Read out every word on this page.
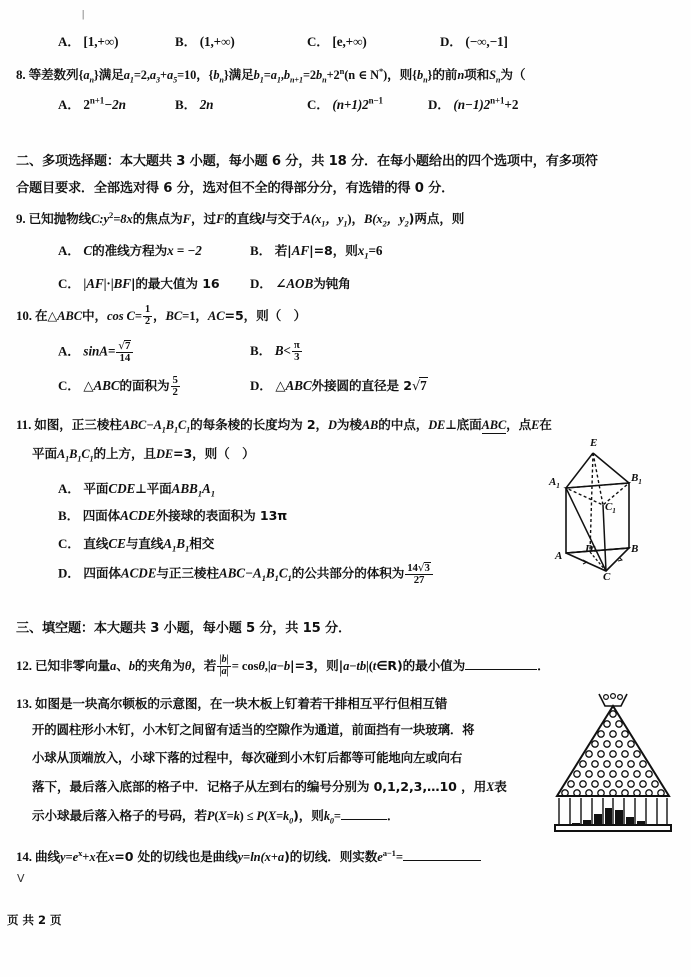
|
A． [1,+∞)	B． (1,+∞)	C． [e,+∞)	D． (−∞,−1]
8. 等差数列$\{a_n\}$满足$a_1=2,a_3+a_5=10$，$\{b_n\}$满足$b_1=a_1,b_{n+1}=2b_n+2^n(n$ ∈ N*)，则$\{b_n\}$的前n项和$S_n$为（
A． $2^{n+1}-2n$	B． 2n	C． $(n+1)2^{n-1}$	D． $(n-1)2^{n+1}+2$
二、多项选择题：本大题共 3 小题，每小题 6 分，共 18 分．在每小题给出的四个选项中，有多项符
合题目要求．全部选对得 6 分，选对但不全的得部分分，有选错的得 0 分．
9. 已知抛物线$C:y^2=8x$的焦点为F，过F的直线l与交于$A(x_1$，$y_1$)，$B(x_2$，$y_2$)两点，则
A． C的准线方程为x = −2	B． 若|AF|=8，则$x_1=6$
C． |AF|·|BF|的最大值为 16 D． ∠AOB为钝角
10. 在△ABC中，$\cos C= \frac{1}{2}$ ，BC=1，AC=5，则（　）
A． $\sin A= \frac{√7}{14}$	B． $B< \frac{\pi}{3}$
C． △ABC的面积为 $\frac{5}{2}$	D． △ABC外接圆的直径是 2√7
11. 如图，正三棱柱$ABC-A_1B_1C_1$的每条棱的长度均为 2，D为棱AB的中点，DE⊥底面ABC，点E在
平面$A_1B_1C_1$的上方，且DE=3，则（　）
A． 平面CDE⊥平面$ABB_1A_1$
B． 四面体ACDE外接球的表面积为 13π
C． 直线CE与直线$A_1B_1$相交
D． 四面体ACDE与正三棱柱$ABC-A_1B_1C_1$的公共部分的体积为 $\frac{14√3}{27}$
E
$A_1$
$B_1$
$C_1$
A
D	B
C
三、填空题：本大题共 3 小题，每小题 5 分，共 15 分．
12. 已知非零向量a、b的夹角为θ，若 $\frac{|b|}{|a|} = \cos\theta,|a-b|=3$，则|a−tb|(t∈R)的最小值为	．
13. 如图是一块高尔顿板的示意图，在一块木板上钉着若干排相互平行但相互错
开的圆柱形小木钉，小木钉之间留有适当的空隙作为通道，前面挡有一块玻璃．将
小球从顶端放入，小球下落的过程中，每次碰到小木钉后都等可能地向左或向右
落下，最后落入底部的格子中．记格子从左到右的编号分别为 0,1,2,3,…10 ，用X表
示小球最后落入格子的号码，若$P(X=k) \le P(X=k_0)$，则$k_0=$	．
14. 曲线$y=e^x+x$在x=0 处的切线也是曲线y=ln(x+a)的切线．则实数$e^{a-1}=$
ᐯ
页 共 2 页
